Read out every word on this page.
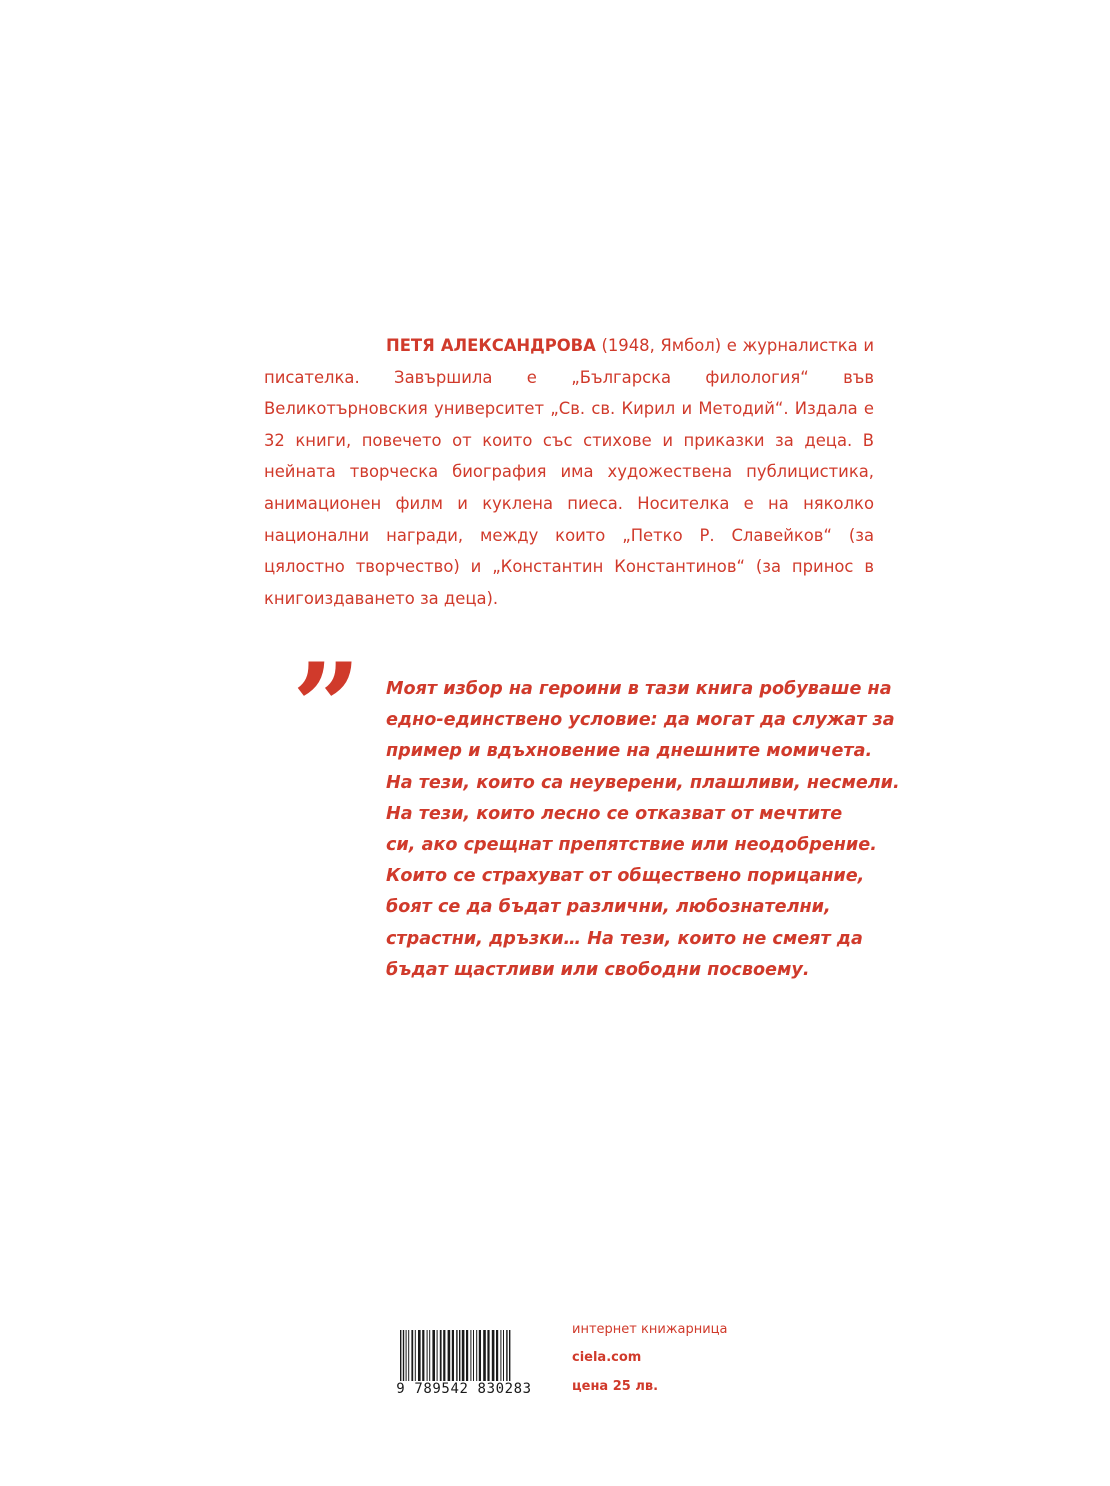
ПЕТЯ АЛЕКСАНДРОВА (1948, Ямбол) е журналистка и писателка. Завършила е „Българска филология“ във Великотърновския университет „Св. св. Кирил и Методий“. Издала е 32 книги, повечето от които със стихове и приказки за деца. В нейната творческа биография има художествена публицистика, анимационен филм и куклена пиеса. Носителка е на няколко национални награди, между които „Петко Р. Славейков“ (за цялостно творчество) и „Константин Константинов“ (за принос в книгоиздаването за деца).

” Моят избор на героини в тази книга робуваше на
едно-единствено условие: да могат да служат за
пример и вдъхновение на днешните момичета.
На тези, които са неуверени, плашливи, несмели.
На тези, които лесно се отказват от мечтите
си, ако срещнат препятствие или неодобрение.
Които се страхуват от обществено порицание,
боят се да бъдат различни, любознателни,
страстни, дръзки… На тези, които не смеят да
бъдат щастливи или свободни посвоему.

9 789542 830283
интернет книжарница
ciela.com
цена 25 лв.
